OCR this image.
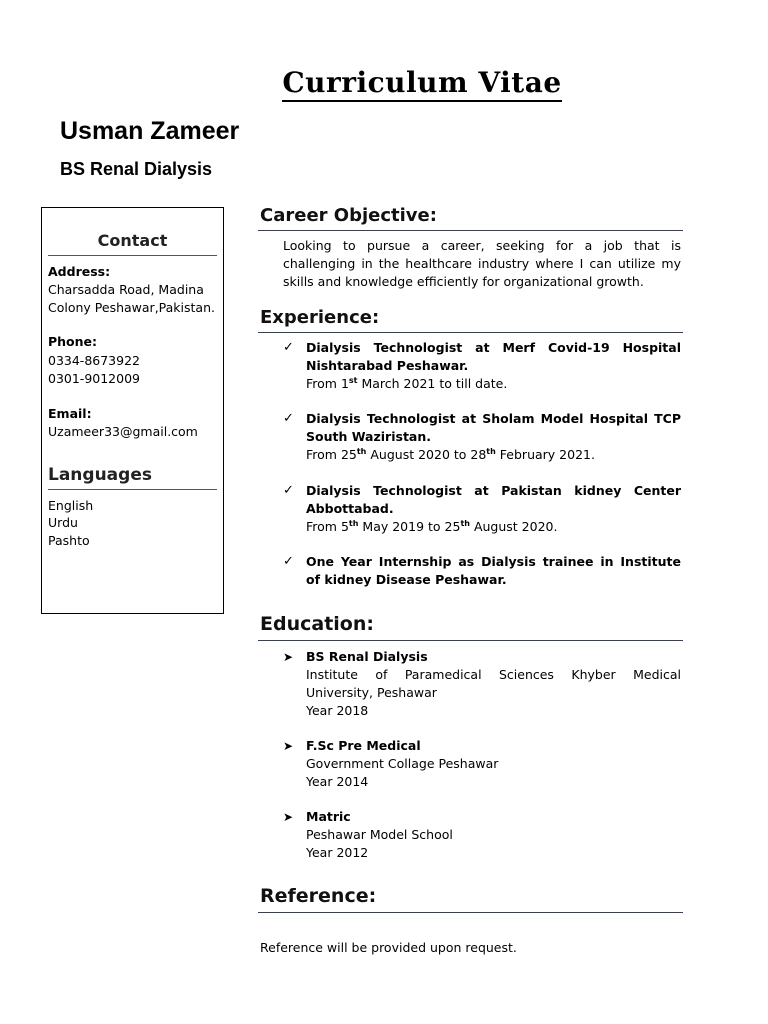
Curriculum Vitae
Usman Zameer
BS Renal Dialysis
Contact
Address:
Charsadda Road, Madina
Colony Peshawar,Pakistan.
Phone:
0334-8673922
0301-9012009
Email:
Uzameer33@gmail.com
Languages
English
Urdu
Pashto
Career Objective:
Looking to pursue a career, seeking for a job that is challenging in the healthcare industry where I can utilize my skills and knowledge efficiently for organizational growth.
Experience:
✓ Dialysis Technologist at Merf Covid-19 Hospital Nishtarabad Peshawar.
From 1st March 2021 to till date.
✓ Dialysis Technologist at Sholam Model Hospital TCP South Waziristan.
From 25th August 2020 to 28th February 2021.
✓ Dialysis Technologist at Pakistan kidney Center Abbottabad.
From 5th May 2019 to 25th August 2020.
✓ One Year Internship as Dialysis trainee in Institute of kidney Disease Peshawar.
Education:
➤ BS Renal Dialysis
Institute of Paramedical Sciences Khyber Medical University, Peshawar
Year 2018
➤ F.Sc Pre Medical
Government Collage Peshawar
Year 2014
➤ Matric
Peshawar Model School
Year 2012
Reference:
Reference will be provided upon request.
